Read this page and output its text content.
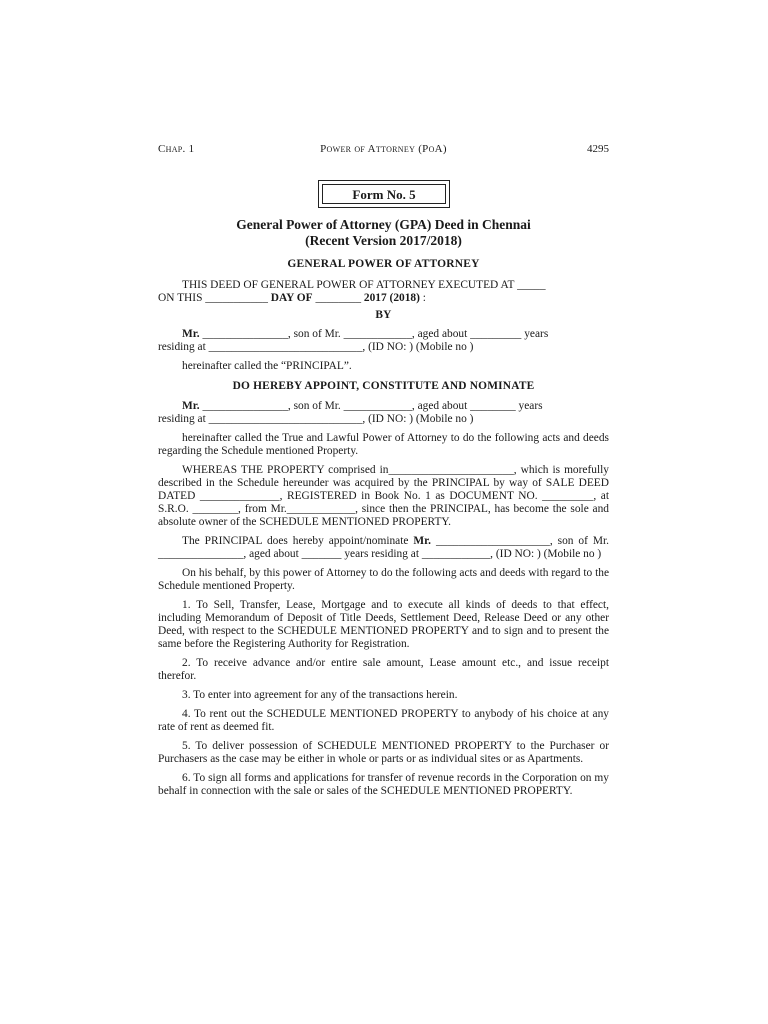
Chap. 1	Power of Attorney (PoA)	4295
Form No. 5
General Power of Attorney (GPA) Deed in Chennai
(Recent Version 2017/2018)
GENERAL POWER OF ATTORNEY
THIS DEED OF GENERAL POWER OF ATTORNEY EXECUTED AT _____
ON THIS ___________ DAY OF ________ 2017 (2018) :
BY
Mr. _______________, son of Mr. ____________, aged about _________ years
residing at ___________________________, (ID NO: ) (Mobile no )

hereinafter called the “PRINCIPAL”.

DO HEREBY APPOINT, CONSTITUTE AND NOMINATE
Mr. _______________, son of Mr. ____________, aged about ________ years
residing at ___________________________, (ID NO: ) (Mobile no )

hereinafter called the True and Lawful Power of Attorney to do the following acts and deeds regarding the Schedule mentioned Property.

WHEREAS THE PROPERTY comprised in______________________, which is morefully described in the Schedule hereunder was acquired by the PRINCIPAL by way of SALE DEED DATED ______________, REGISTERED in Book No. 1 as DOCUMENT NO. _________, at S.R.O. ________, from Mr.____________, since then the PRINCIPAL, has become the sole and absolute owner of the SCHEDULE MENTIONED PROPERTY.

The PRINCIPAL does hereby appoint/nominate Mr. ____________________, son of Mr. _______________, aged about _______ years residing at ____________, (ID NO: ) (Mobile no )

On his behalf, by this power of Attorney to do the following acts and deeds with regard to the Schedule mentioned Property.

1. To Sell, Transfer, Lease, Mortgage and to execute all kinds of deeds to that effect, including Memorandum of Deposit of Title Deeds, Settlement Deed, Release Deed or any other Deed, with respect to the SCHEDULE MENTIONED PROPERTY and to sign and to present the same before the Registering Authority for Registration.

2. To receive advance and/or entire sale amount, Lease amount etc., and issue receipt therefor.

3. To enter into agreement for any of the transactions herein.

4. To rent out the SCHEDULE MENTIONED PROPERTY to anybody of his choice at any rate of rent as deemed fit.

5. To deliver possession of SCHEDULE MENTIONED PROPERTY to the Purchaser or Purchasers as the case may be either in whole or parts or as individual sites or as Apartments.

6. To sign all forms and applications for transfer of revenue records in the Corporation on my behalf in connection with the sale or sales of the SCHEDULE MENTIONED PROPERTY.
